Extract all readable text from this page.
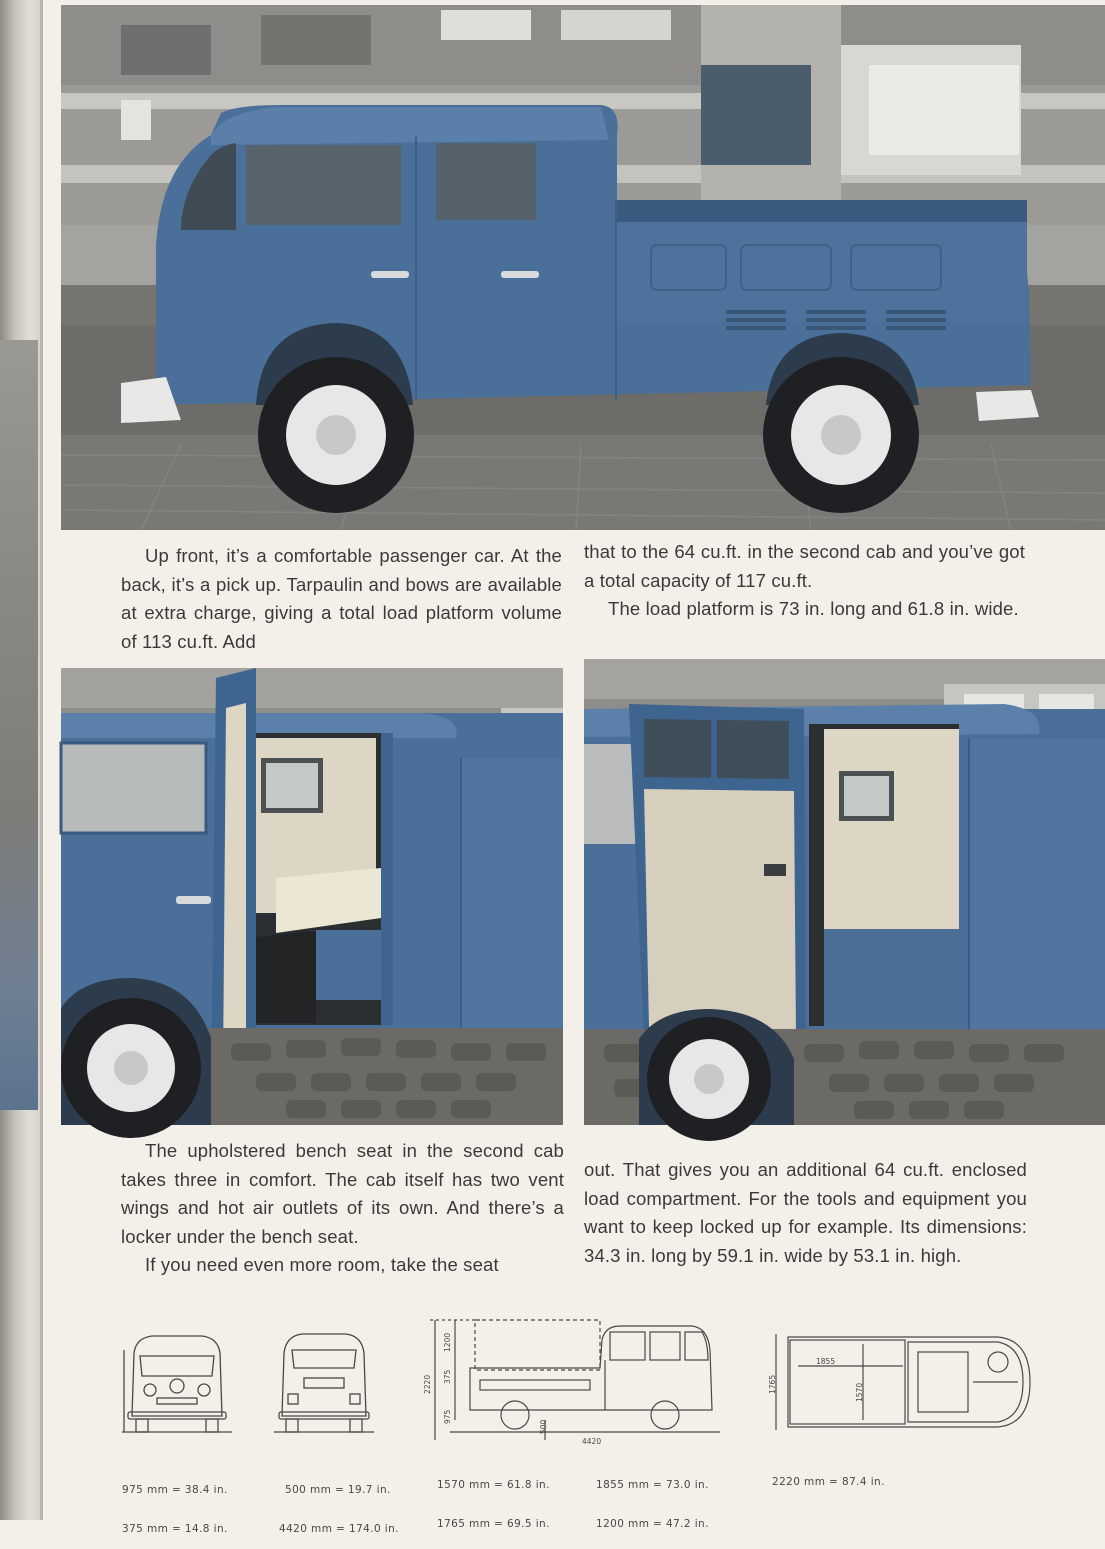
Up front, it’s a comfortable passenger car. At the back, it’s a pick up. Tarpaulin and bows are available at extra charge, giving a total load platform volume of 113 cu.ft. Add

that to the 64 cu.ft. in the second cab and you’ve got a total capacity of 117 cu.ft.

The load platform is 73 in. long and 61.8 in. wide.

The upholstered bench seat in the second cab takes three in comfort. The cab itself has two vent wings and hot air outlets of its own. And there’s a locker under the bench seat.

If you need even more room, take the seat

out. That gives you an additional 64 cu.ft. enclosed load compartment. For the tools and equipment you want to keep locked up for example. Its dimensions: 34.3 in. long by 59.1 in. wide by 53.1 in. high.

2220
1200
375
975
500
4420
1765
1855
1570

975 mm = 38.4 in.

375 mm = 14.8 in.

500 mm = 19.7 in.

4420 mm = 174.0 in.

1570 mm = 61.8 in.

1765 mm = 69.5 in.

1855 mm = 73.0 in.

1200 mm = 47.2 in.

2220 mm = 87.4 in.
